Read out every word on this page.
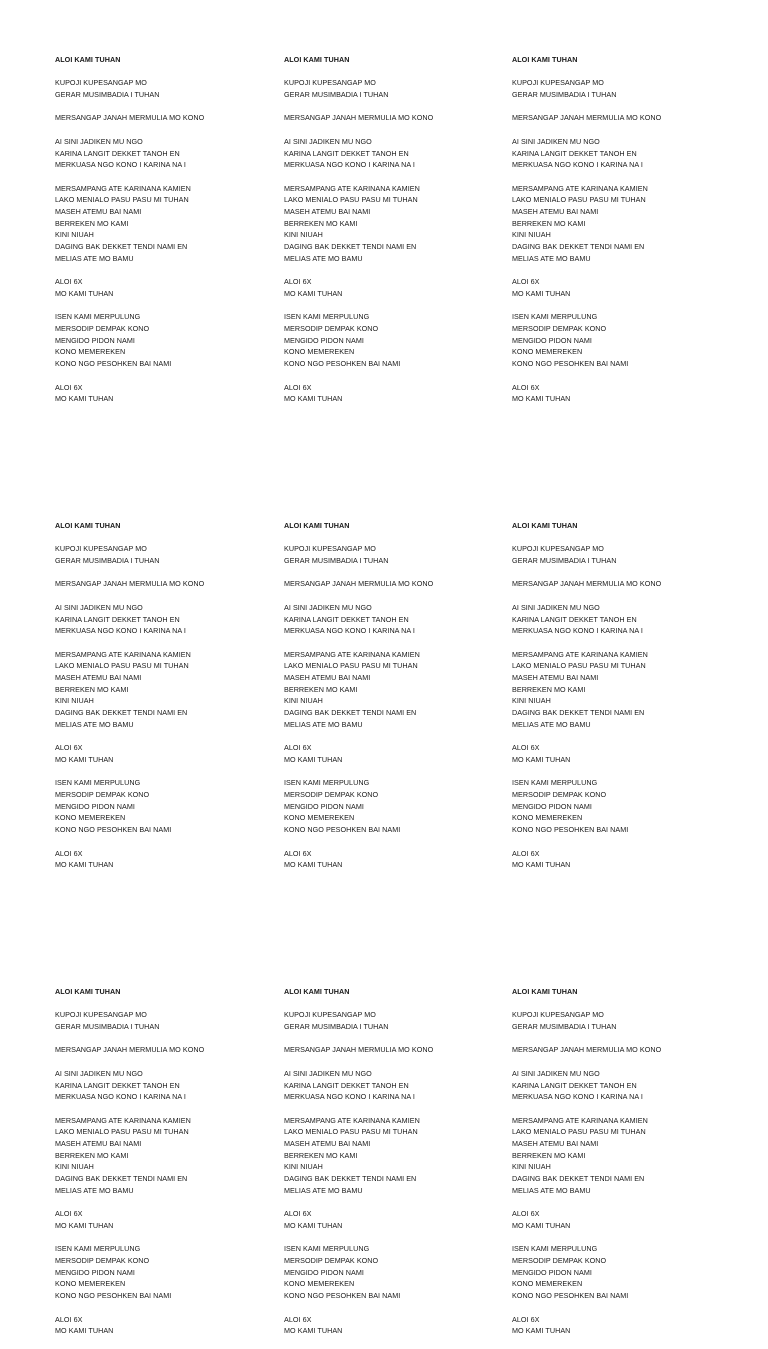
ALOI KAMI TUHAN
KUPOJI KUPESANGAP MO
GERAR MUSIMBADIA I TUHAN
MERSANGAP JANAH MERMULIA MO KONO
AI SINI JADIKEN MU NGO
KARINA LANGIT DEKKET TANOH EN
MERKUASA NGO KONO I KARINA NA I
MERSAMPANG ATE KARINANA KAMIEN
LAKO MENIALO PASU PASU MI TUHAN
MASEH ATEMU BAI NAMI
BERREKEN MO KAMI
KINI NIUAH
DAGING BAK DEKKET TENDI NAMI EN
MELIAS ATE MO BAMU
ALOI 6X
MO KAMI TUHAN
ISEN KAMI MERPULUNG
MERSODIP DEMPAK KONO
MENGIDO PIDON NAMI
KONO MEMEREKEN
KONO NGO PESOHKEN BAI NAMI
ALOI 6X
MO KAMI TUHAN
ALOI KAMI TUHAN
KUPOJI KUPESANGAP MO
GERAR MUSIMBADIA I TUHAN
MERSANGAP JANAH MERMULIA MO KONO
AI SINI JADIKEN MU NGO
KARINA LANGIT DEKKET TANOH EN
MERKUASA NGO KONO I KARINA NA I
MERSAMPANG ATE KARINANA KAMIEN
LAKO MENIALO PASU PASU MI TUHAN
MASEH ATEMU BAI NAMI
BERREKEN MO KAMI
KINI NIUAH
DAGING BAK DEKKET TENDI NAMI EN
MELIAS ATE MO BAMU
ALOI 6X
MO KAMI TUHAN
ISEN KAMI MERPULUNG
MERSODIP DEMPAK KONO
MENGIDO PIDON NAMI
KONO MEMEREKEN
KONO NGO PESOHKEN BAI NAMI
ALOI 6X
MO KAMI TUHAN
ALOI KAMI TUHAN
KUPOJI KUPESANGAP MO
GERAR MUSIMBADIA I TUHAN
MERSANGAP JANAH MERMULIA MO KONO
AI SINI JADIKEN MU NGO
KARINA LANGIT DEKKET TANOH EN
MERKUASA NGO KONO I KARINA NA I
MERSAMPANG ATE KARINANA KAMIEN
LAKO MENIALO PASU PASU MI TUHAN
MASEH ATEMU BAI NAMI
BERREKEN MO KAMI
KINI NIUAH
DAGING BAK DEKKET TENDI NAMI EN
MELIAS ATE MO BAMU
ALOI 6X
MO KAMI TUHAN
ISEN KAMI MERPULUNG
MERSODIP DEMPAK KONO
MENGIDO PIDON NAMI
KONO MEMEREKEN
KONO NGO PESOHKEN BAI NAMI
ALOI 6X
MO KAMI TUHAN
ALOI KAMI TUHAN
KUPOJI KUPESANGAP MO
GERAR MUSIMBADIA I TUHAN
MERSANGAP JANAH MERMULIA MO KONO
AI SINI JADIKEN MU NGO
KARINA LANGIT DEKKET TANOH EN
MERKUASA NGO KONO I KARINA NA I
MERSAMPANG ATE KARINANA KAMIEN
LAKO MENIALO PASU PASU MI TUHAN
MASEH ATEMU BAI NAMI
BERREKEN MO KAMI
KINI NIUAH
DAGING BAK DEKKET TENDI NAMI EN
MELIAS ATE MO BAMU
ALOI 6X
MO KAMI TUHAN
ISEN KAMI MERPULUNG
MERSODIP DEMPAK KONO
MENGIDO PIDON NAMI
KONO MEMEREKEN
KONO NGO PESOHKEN BAI NAMI
ALOI 6X
MO KAMI TUHAN
ALOI KAMI TUHAN
KUPOJI KUPESANGAP MO
GERAR MUSIMBADIA I TUHAN
MERSANGAP JANAH MERMULIA MO KONO
AI SINI JADIKEN MU NGO
KARINA LANGIT DEKKET TANOH EN
MERKUASA NGO KONO I KARINA NA I
MERSAMPANG ATE KARINANA KAMIEN
LAKO MENIALO PASU PASU MI TUHAN
MASEH ATEMU BAI NAMI
BERREKEN MO KAMI
KINI NIUAH
DAGING BAK DEKKET TENDI NAMI EN
MELIAS ATE MO BAMU
ALOI 6X
MO KAMI TUHAN
ISEN KAMI MERPULUNG
MERSODIP DEMPAK KONO
MENGIDO PIDON NAMI
KONO MEMEREKEN
KONO NGO PESOHKEN BAI NAMI
ALOI 6X
MO KAMI TUHAN
ALOI KAMI TUHAN
KUPOJI KUPESANGAP MO
GERAR MUSIMBADIA I TUHAN
MERSANGAP JANAH MERMULIA MO KONO
AI SINI JADIKEN MU NGO
KARINA LANGIT DEKKET TANOH EN
MERKUASA NGO KONO I KARINA NA I
MERSAMPANG ATE KARINANA KAMIEN
LAKO MENIALO PASU PASU MI TUHAN
MASEH ATEMU BAI NAMI
BERREKEN MO KAMI
KINI NIUAH
DAGING BAK DEKKET TENDI NAMI EN
MELIAS ATE MO BAMU
ALOI 6X
MO KAMI TUHAN
ISEN KAMI MERPULUNG
MERSODIP DEMPAK KONO
MENGIDO PIDON NAMI
KONO MEMEREKEN
KONO NGO PESOHKEN BAI NAMI
ALOI 6X
MO KAMI TUHAN
ALOI KAMI TUHAN
KUPOJI KUPESANGAP MO
GERAR MUSIMBADIA I TUHAN
MERSANGAP JANAH MERMULIA MO KONO
AI SINI JADIKEN MU NGO
KARINA LANGIT DEKKET TANOH EN
MERKUASA NGO KONO I KARINA NA I
MERSAMPANG ATE KARINANA KAMIEN
LAKO MENIALO PASU PASU MI TUHAN
MASEH ATEMU BAI NAMI
BERREKEN MO KAMI
KINI NIUAH
DAGING BAK DEKKET TENDI NAMI EN
MELIAS ATE MO BAMU
ALOI 6X
MO KAMI TUHAN
ISEN KAMI MERPULUNG
MERSODIP DEMPAK KONO
MENGIDO PIDON NAMI
KONO MEMEREKEN
KONO NGO PESOHKEN BAI NAMI
ALOI 6X
MO KAMI TUHAN
ALOI KAMI TUHAN
KUPOJI KUPESANGAP MO
GERAR MUSIMBADIA I TUHAN
MERSANGAP JANAH MERMULIA MO KONO
AI SINI JADIKEN MU NGO
KARINA LANGIT DEKKET TANOH EN
MERKUASA NGO KONO I KARINA NA I
MERSAMPANG ATE KARINANA KAMIEN
LAKO MENIALO PASU PASU MI TUHAN
MASEH ATEMU BAI NAMI
BERREKEN MO KAMI
KINI NIUAH
DAGING BAK DEKKET TENDI NAMI EN
MELIAS ATE MO BAMU
ALOI 6X
MO KAMI TUHAN
ISEN KAMI MERPULUNG
MERSODIP DEMPAK KONO
MENGIDO PIDON NAMI
KONO MEMEREKEN
KONO NGO PESOHKEN BAI NAMI
ALOI 6X
MO KAMI TUHAN
ALOI KAMI TUHAN
KUPOJI KUPESANGAP MO
GERAR MUSIMBADIA I TUHAN
MERSANGAP JANAH MERMULIA MO KONO
AI SINI JADIKEN MU NGO
KARINA LANGIT DEKKET TANOH EN
MERKUASA NGO KONO I KARINA NA I
MERSAMPANG ATE KARINANA KAMIEN
LAKO MENIALO PASU PASU MI TUHAN
MASEH ATEMU BAI NAMI
BERREKEN MO KAMI
KINI NIUAH
DAGING BAK DEKKET TENDI NAMI EN
MELIAS ATE MO BAMU
ALOI 6X
MO KAMI TUHAN
ISEN KAMI MERPULUNG
MERSODIP DEMPAK KONO
MENGIDO PIDON NAMI
KONO MEMEREKEN
KONO NGO PESOHKEN BAI NAMI
ALOI 6X
MO KAMI TUHAN
